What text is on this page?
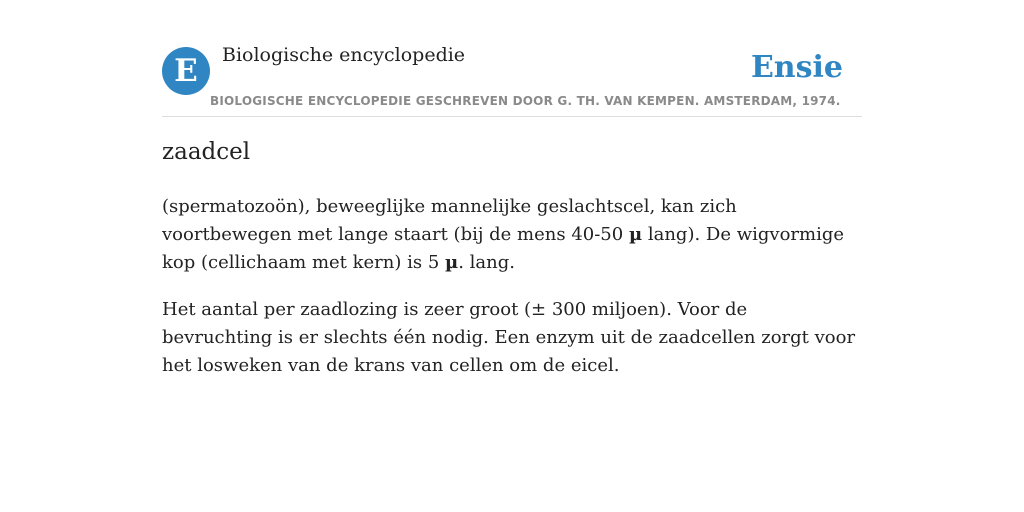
E	Biologische encyclopedie
BIOLOGISCHE ENCYCLOPEDIE GESCHREVEN DOOR G. TH. VAN KEMPEN. AMSTERDAM, 1974.
Ensie
zaadcel

(spermatozoön), beweeglijke mannelijke geslachtscel, kan zich voortbewegen met lange staart (bij de mens 40-50 µ lang). De wigvormige kop (cellichaam met kern) is 5 µ. lang.

Het aantal per zaadlozing is zeer groot (± 300 miljoen). Voor de bevruchting is er slechts één nodig. Een enzym uit de zaadcellen zorgt voor het losweken van de krans van cellen om de eicel.
